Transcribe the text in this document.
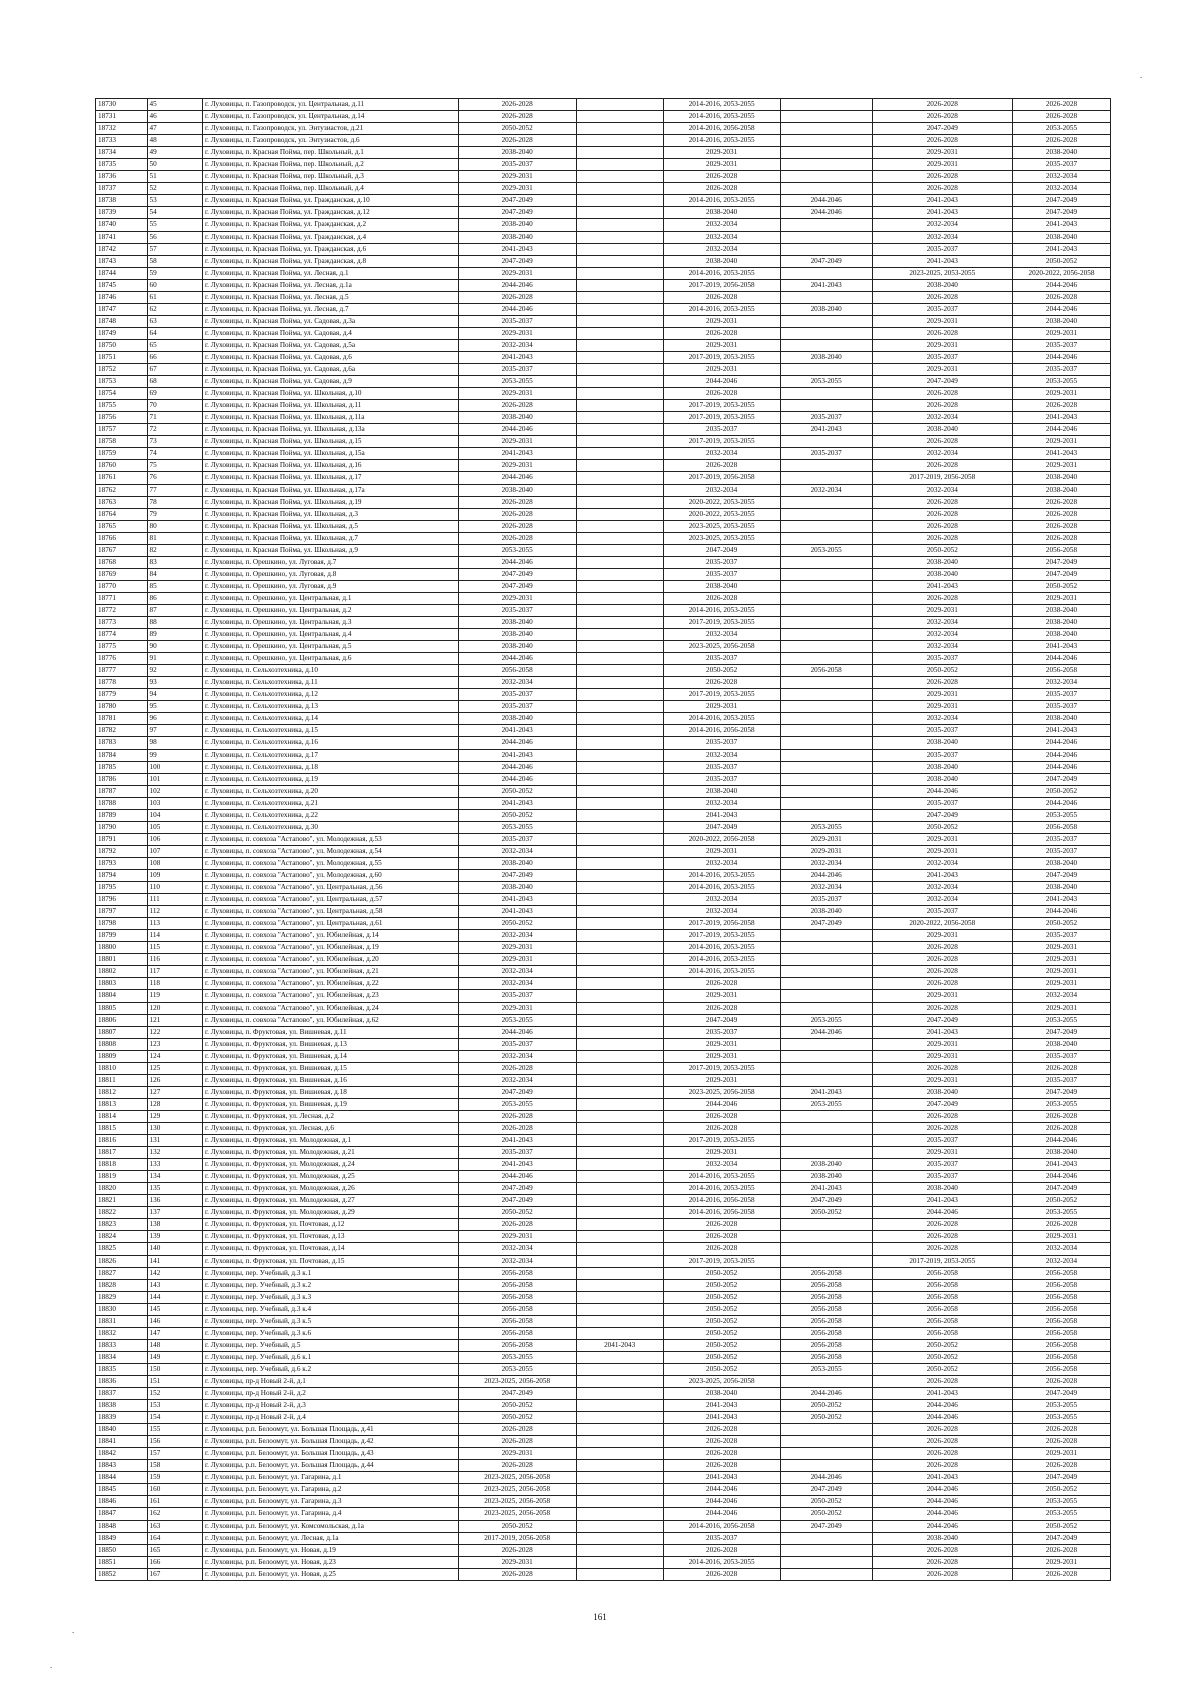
18730	45	г. Луховицы, п. Газопроводск, ул. Центральная, д.11	2026-2028		2014-2016, 2053-2055		2026-2028	2026-2028
18731	46	г. Луховицы, п. Газопроводск, ул. Центральная, д.14	2026-2028		2014-2016, 2053-2055		2026-2028	2026-2028
18732	47	г. Луховицы, п. Газопроводск, ул. Энтузиастов, д.21	2050-2052		2014-2016, 2056-2058		2047-2049	2053-2055
18733	48	г. Луховицы, п. Газопроводск, ул. Энтузиастов, д.6	2026-2028		2014-2016, 2053-2055		2026-2028	2026-2028
18734	49	г. Луховицы, п. Красная Пойма, пер. Школьный, д.1	2038-2040		2029-2031		2029-2031	2038-2040
18735	50	г. Луховицы, п. Красная Пойма, пер. Школьный, д.2	2035-2037		2029-2031		2029-2031	2035-2037
18736	51	г. Луховицы, п. Красная Пойма, пер. Школьный, д.3	2029-2031		2026-2028		2026-2028	2032-2034
18737	52	г. Луховицы, п. Красная Пойма, пер. Школьный, д.4	2029-2031		2026-2028		2026-2028	2032-2034
18738	53	г. Луховицы, п. Красная Пойма, ул. Гражданская, д.10	2047-2049		2014-2016, 2053-2055	2044-2046	2041-2043	2047-2049
18739	54	г. Луховицы, п. Красная Пойма, ул. Гражданская, д.12	2047-2049		2038-2040	2044-2046	2041-2043	2047-2049
18740	55	г. Луховицы, п. Красная Пойма, ул. Гражданская, д.2	2038-2040		2032-2034		2032-2034	2041-2043
18741	56	г. Луховицы, п. Красная Пойма, ул. Гражданская, д.4	2038-2040		2032-2034		2032-2034	2038-2040
18742	57	г. Луховицы, п. Красная Пойма, ул. Гражданская, д.6	2041-2043		2032-2034		2035-2037	2041-2043
18743	58	г. Луховицы, п. Красная Пойма, ул. Гражданская, д.8	2047-2049		2038-2040	2047-2049	2041-2043	2050-2052
18744	59	г. Луховицы, п. Красная Пойма, ул. Лесная, д.1	2029-2031		2014-2016, 2053-2055		2023-2025, 2053-2055	2020-2022, 2056-2058
18745	60	г. Луховицы, п. Красная Пойма, ул. Лесная, д.1а	2044-2046		2017-2019, 2056-2058	2041-2043	2038-2040	2044-2046
18746	61	г. Луховицы, п. Красная Пойма, ул. Лесная, д.5	2026-2028		2026-2028		2026-2028	2026-2028
18747	62	г. Луховицы, п. Красная Пойма, ул. Лесная, д.7	2044-2046		2014-2016, 2053-2055	2038-2040	2035-2037	2044-2046
18748	63	г. Луховицы, п. Красная Пойма, ул. Садовая, д.3а	2035-2037		2029-2031		2029-2031	2038-2040
18749	64	г. Луховицы, п. Красная Пойма, ул. Садовая, д.4	2029-2031		2026-2028		2026-2028	2029-2031
18750	65	г. Луховицы, п. Красная Пойма, ул. Садовая, д.5а	2032-2034		2029-2031		2029-2031	2035-2037
18751	66	г. Луховицы, п. Красная Пойма, ул. Садовая, д.6	2041-2043		2017-2019, 2053-2055	2038-2040	2035-2037	2044-2046
18752	67	г. Луховицы, п. Красная Пойма, ул. Садовая, д.6а	2035-2037		2029-2031		2029-2031	2035-2037
18753	68	г. Луховицы, п. Красная Пойма, ул. Садовая, д.9	2053-2055		2044-2046	2053-2055	2047-2049	2053-2055
18754	69	г. Луховицы, п. Красная Пойма, ул. Школьная, д.10	2029-2031		2026-2028		2026-2028	2029-2031
18755	70	г. Луховицы, п. Красная Пойма, ул. Школьная, д.11	2026-2028		2017-2019, 2053-2055		2026-2028	2026-2028
18756	71	г. Луховицы, п. Красная Пойма, ул. Школьная, д.11а	2038-2040		2017-2019, 2053-2055	2035-2037	2032-2034	2041-2043
18757	72	г. Луховицы, п. Красная Пойма, ул. Школьная, д.13а	2044-2046		2035-2037	2041-2043	2038-2040	2044-2046
18758	73	г. Луховицы, п. Красная Пойма, ул. Школьная, д.15	2029-2031		2017-2019, 2053-2055		2026-2028	2029-2031
18759	74	г. Луховицы, п. Красная Пойма, ул. Школьная, д.15а	2041-2043		2032-2034	2035-2037	2032-2034	2041-2043
18760	75	г. Луховицы, п. Красная Пойма, ул. Школьная, д.16	2029-2031		2026-2028		2026-2028	2029-2031
18761	76	г. Луховицы, п. Красная Пойма, ул. Школьная, д.17	2044-2046		2017-2019, 2056-2058		2017-2019, 2056-2058	2038-2040
18762	77	г. Луховицы, п. Красная Пойма, ул. Школьная, д.17а	2038-2040		2032-2034	2032-2034	2032-2034	2038-2040
18763	78	г. Луховицы, п. Красная Пойма, ул. Школьная, д.19	2026-2028		2020-2022, 2053-2055		2026-2028	2026-2028
18764	79	г. Луховицы, п. Красная Пойма, ул. Школьная, д.3	2026-2028		2020-2022, 2053-2055		2026-2028	2026-2028
18765	80	г. Луховицы, п. Красная Пойма, ул. Школьная, д.5	2026-2028		2023-2025, 2053-2055		2026-2028	2026-2028
18766	81	г. Луховицы, п. Красная Пойма, ул. Школьная, д.7	2026-2028		2023-2025, 2053-2055		2026-2028	2026-2028
18767	82	г. Луховицы, п. Красная Пойма, ул. Школьная, д.9	2053-2055		2047-2049	2053-2055	2050-2052	2056-2058
18768	83	г. Луховицы, п. Орешкино, ул. Луговая, д.7	2044-2046		2035-2037		2038-2040	2047-2049
18769	84	г. Луховицы, п. Орешкино, ул. Луговая, д.8	2047-2049		2035-2037		2038-2040	2047-2049
18770	85	г. Луховицы, п. Орешкино, ул. Луговая, д.9	2047-2049		2038-2040		2041-2043	2050-2052
18771	86	г. Луховицы, п. Орешкино, ул. Центральная, д.1	2029-2031		2026-2028		2026-2028	2029-2031
18772	87	г. Луховицы, п. Орешкино, ул. Центральная, д.2	2035-2037		2014-2016, 2053-2055		2029-2031	2038-2040
18773	88	г. Луховицы, п. Орешкино, ул. Центральная, д.3	2038-2040		2017-2019, 2053-2055		2032-2034	2038-2040
18774	89	г. Луховицы, п. Орешкино, ул. Центральная, д.4	2038-2040		2032-2034		2032-2034	2038-2040
18775	90	г. Луховицы, п. Орешкино, ул. Центральная, д.5	2038-2040		2023-2025, 2056-2058		2032-2034	2041-2043
18776	91	г. Луховицы, п. Орешкино, ул. Центральная, д.6	2044-2046		2035-2037		2035-2037	2044-2046
18777	92	г. Луховицы, п. Сельхозтехника, д.10	2056-2058		2050-2052	2056-2058	2050-2052	2056-2058
18778	93	г. Луховицы, п. Сельхозтехника, д.11	2032-2034		2026-2028		2026-2028	2032-2034
18779	94	г. Луховицы, п. Сельхозтехника, д.12	2035-2037		2017-2019, 2053-2055		2029-2031	2035-2037
18780	95	г. Луховицы, п. Сельхозтехника, д.13	2035-2037		2029-2031		2029-2031	2035-2037
18781	96	г. Луховицы, п. Сельхозтехника, д.14	2038-2040		2014-2016, 2053-2055		2032-2034	2038-2040
18782	97	г. Луховицы, п. Сельхозтехника, д.15	2041-2043		2014-2016, 2056-2058		2035-2037	2041-2043
18783	98	г. Луховицы, п. Сельхозтехника, д.16	2044-2046		2035-2037		2038-2040	2044-2046
18784	99	г. Луховицы, п. Сельхозтехника, д.17	2041-2043		2032-2034		2035-2037	2044-2046
18785	100	г. Луховицы, п. Сельхозтехника, д.18	2044-2046		2035-2037		2038-2040	2044-2046
18786	101	г. Луховицы, п. Сельхозтехника, д.19	2044-2046		2035-2037		2038-2040	2047-2049
18787	102	г. Луховицы, п. Сельхозтехника, д.20	2050-2052		2038-2040		2044-2046	2050-2052
18788	103	г. Луховицы, п. Сельхозтехника, д.21	2041-2043		2032-2034		2035-2037	2044-2046
18789	104	г. Луховицы, п. Сельхозтехника, д.22	2050-2052		2041-2043		2047-2049	2053-2055
18790	105	г. Луховицы, п. Сельхозтехника, д.30	2053-2055		2047-2049	2053-2055	2050-2052	2056-2058
18791	106	г. Луховицы, п. совхоза "Астапово", ул. Молодежная, д.53	2035-2037		2020-2022, 2056-2058	2029-2031	2029-2031	2035-2037
18792	107	г. Луховицы, п. совхоза "Астапово", ул. Молодежная, д.54	2032-2034		2029-2031	2029-2031	2029-2031	2035-2037
18793	108	г. Луховицы, п. совхоза "Астапово", ул. Молодежная, д.55	2038-2040		2032-2034	2032-2034	2032-2034	2038-2040
18794	109	г. Луховицы, п. совхоза "Астапово", ул. Молодежная, д.60	2047-2049		2014-2016, 2053-2055	2044-2046	2041-2043	2047-2049
18795	110	г. Луховицы, п. совхоза "Астапово", ул. Центральная, д.56	2038-2040		2014-2016, 2053-2055	2032-2034	2032-2034	2038-2040
18796	111	г. Луховицы, п. совхоза "Астапово", ул. Центральная, д.57	2041-2043		2032-2034	2035-2037	2032-2034	2041-2043
18797	112	г. Луховицы, п. совхоза "Астапово", ул. Центральная, д.58	2041-2043		2032-2034	2038-2040	2035-2037	2044-2046
18798	113	г. Луховицы, п. совхоза "Астапово", ул. Центральная, д.61	2050-2052		2017-2019, 2056-2058	2047-2049	2020-2022, 2056-2058	2050-2052
18799	114	г. Луховицы, п. совхоза "Астапово", ул. Юбилейная, д.14	2032-2034		2017-2019, 2053-2055		2029-2031	2035-2037
18800	115	г. Луховицы, п. совхоза "Астапово", ул. Юбилейная, д.19	2029-2031		2014-2016, 2053-2055		2026-2028	2029-2031
18801	116	г. Луховицы, п. совхоза "Астапово", ул. Юбилейная, д.20	2029-2031		2014-2016, 2053-2055		2026-2028	2029-2031
18802	117	г. Луховицы, п. совхоза "Астапово", ул. Юбилейная, д.21	2032-2034		2014-2016, 2053-2055		2026-2028	2029-2031
18803	118	г. Луховицы, п. совхоза "Астапово", ул. Юбилейная, д.22	2032-2034		2026-2028		2026-2028	2029-2031
18804	119	г. Луховицы, п. совхоза "Астапово", ул. Юбилейная, д.23	2035-2037		2029-2031		2029-2031	2032-2034
18805	120	г. Луховицы, п. совхоза "Астапово", ул. Юбилейная, д.24	2029-2031		2026-2028		2026-2028	2029-2031
18806	121	г. Луховицы, п. совхоза "Астапово", ул. Юбилейная, д.62	2053-2055		2047-2049	2053-2055	2047-2049	2053-2055
18807	122	г. Луховицы, п. Фруктовая, ул. Вишневая, д.11	2044-2046		2035-2037	2044-2046	2041-2043	2047-2049
18808	123	г. Луховицы, п. Фруктовая, ул. Вишневая, д.13	2035-2037		2029-2031		2029-2031	2038-2040
18809	124	г. Луховицы, п. Фруктовая, ул. Вишневая, д.14	2032-2034		2029-2031		2029-2031	2035-2037
18810	125	г. Луховицы, п. Фруктовая, ул. Вишневая, д.15	2026-2028		2017-2019, 2053-2055		2026-2028	2026-2028
18811	126	г. Луховицы, п. Фруктовая, ул. Вишневая, д.16	2032-2034		2029-2031		2029-2031	2035-2037
18812	127	г. Луховицы, п. Фруктовая, ул. Вишневая, д.18	2047-2049		2023-2025, 2056-2058	2041-2043	2038-2040	2047-2049
18813	128	г. Луховицы, п. Фруктовая, ул. Вишневая, д.19	2053-2055		2044-2046	2053-2055	2047-2049	2053-2055
18814	129	г. Луховицы, п. Фруктовая, ул. Лесная, д.2	2026-2028		2026-2028		2026-2028	2026-2028
18815	130	г. Луховицы, п. Фруктовая, ул. Лесная, д.6	2026-2028		2026-2028		2026-2028	2026-2028
18816	131	г. Луховицы, п. Фруктовая, ул. Молодежная, д.1	2041-2043		2017-2019, 2053-2055		2035-2037	2044-2046
18817	132	г. Луховицы, п. Фруктовая, ул. Молодежная, д.21	2035-2037		2029-2031		2029-2031	2038-2040
18818	133	г. Луховицы, п. Фруктовая, ул. Молодежная, д.24	2041-2043		2032-2034	2038-2040	2035-2037	2041-2043
18819	134	г. Луховицы, п. Фруктовая, ул. Молодежная, д.25	2044-2046		2014-2016, 2053-2055	2038-2040	2035-2037	2044-2046
18820	135	г. Луховицы, п. Фруктовая, ул. Молодежная, д.26	2047-2049		2014-2016, 2053-2055	2041-2043	2038-2040	2047-2049
18821	136	г. Луховицы, п. Фруктовая, ул. Молодежная, д.27	2047-2049		2014-2016, 2056-2058	2047-2049	2041-2043	2050-2052
18822	137	г. Луховицы, п. Фруктовая, ул. Молодежная, д.29	2050-2052		2014-2016, 2056-2058	2050-2052	2044-2046	2053-2055
18823	138	г. Луховицы, п. Фруктовая, ул. Почтовая, д.12	2026-2028		2026-2028		2026-2028	2026-2028
18824	139	г. Луховицы, п. Фруктовая, ул. Почтовая, д.13	2029-2031		2026-2028		2026-2028	2029-2031
18825	140	г. Луховицы, п. Фруктовая, ул. Почтовая, д.14	2032-2034		2026-2028		2026-2028	2032-2034
18826	141	г. Луховицы, п. Фруктовая, ул. Почтовая, д.15	2032-2034		2017-2019, 2053-2055		2017-2019, 2053-2055	2032-2034
18827	142	г. Луховицы, пер. Учебный, д.3 к.1	2056-2058		2050-2052	2056-2058	2056-2058	2056-2058
18828	143	г. Луховицы, пер. Учебный, д.3 к.2	2056-2058		2050-2052	2056-2058	2056-2058	2056-2058
18829	144	г. Луховицы, пер. Учебный, д.3 к.3	2056-2058		2050-2052	2056-2058	2056-2058	2056-2058
18830	145	г. Луховицы, пер. Учебный, д.3 к.4	2056-2058		2050-2052	2056-2058	2056-2058	2056-2058
18831	146	г. Луховицы, пер. Учебный, д.3 к.5	2056-2058		2050-2052	2056-2058	2056-2058	2056-2058
18832	147	г. Луховицы, пер. Учебный, д.3 к.6	2056-2058		2050-2052	2056-2058	2056-2058	2056-2058
18833	148	г. Луховицы, пер. Учебный, д.5	2056-2058	2041-2043	2050-2052	2056-2058	2050-2052	2056-2058
18834	149	г. Луховицы, пер. Учебный, д.6 к.1	2053-2055		2050-2052	2056-2058	2050-2052	2056-2058
18835	150	г. Луховицы, пер. Учебный, д.6 к.2	2053-2055		2050-2052	2053-2055	2050-2052	2056-2058
18836	151	г. Луховицы, пр-д Новый 2-й, д.1	2023-2025, 2056-2058		2023-2025, 2056-2058		2026-2028	2026-2028
18837	152	г. Луховицы, пр-д Новый 2-й, д.2	2047-2049		2038-2040	2044-2046	2041-2043	2047-2049
18838	153	г. Луховицы, пр-д Новый 2-й, д.3	2050-2052		2041-2043	2050-2052	2044-2046	2053-2055
18839	154	г. Луховицы, пр-д Новый 2-й, д.4	2050-2052		2041-2043	2050-2052	2044-2046	2053-2055
18840	155	г. Луховицы, р.п. Белоомут, ул. Большая Площадь, д.41	2026-2028		2026-2028		2026-2028	2026-2028
18841	156	г. Луховицы, р.п. Белоомут, ул. Большая Площадь, д.42	2026-2028		2026-2028		2026-2028	2026-2028
18842	157	г. Луховицы, р.п. Белоомут, ул. Большая Площадь, д.43	2029-2031		2026-2028		2026-2028	2029-2031
18843	158	г. Луховицы, р.п. Белоомут, ул. Большая Площадь, д.44	2026-2028		2026-2028		2026-2028	2026-2028
18844	159	г. Луховицы, р.п. Белоомут, ул. Гагарина, д.1	2023-2025, 2056-2058		2041-2043	2044-2046	2041-2043	2047-2049
18845	160	г. Луховицы, р.п. Белоомут, ул. Гагарина, д.2	2023-2025, 2056-2058		2044-2046	2047-2049	2044-2046	2050-2052
18846	161	г. Луховицы, р.п. Белоомут, ул. Гагарина, д.3	2023-2025, 2056-2058		2044-2046	2050-2052	2044-2046	2053-2055
18847	162	г. Луховицы, р.п. Белоомут, ул. Гагарина, д.4	2023-2025, 2056-2058		2044-2046	2050-2052	2044-2046	2053-2055
18848	163	г. Луховицы, р.п. Белоомут, ул. Комсомольская, д.1а	2050-2052		2014-2016, 2056-2058	2047-2049	2044-2046	2050-2052
18849	164	г. Луховицы, р.п. Белоомут, ул. Лесная, д.1а	2017-2019, 2056-2058		2035-2037		2038-2040	2047-2049
18850	165	г. Луховицы, р.п. Белоомут, ул. Новая, д.19	2026-2028		2026-2028		2026-2028	2026-2028
18851	166	г. Луховицы, р.п. Белоомут, ул. Новая, д.23	2029-2031		2014-2016, 2053-2055		2026-2028	2029-2031
18852	167	г. Луховицы, р.п. Белоомут, ул. Новая, д.25	2026-2028		2026-2028		2026-2028	2026-2028
161
.
.
.
